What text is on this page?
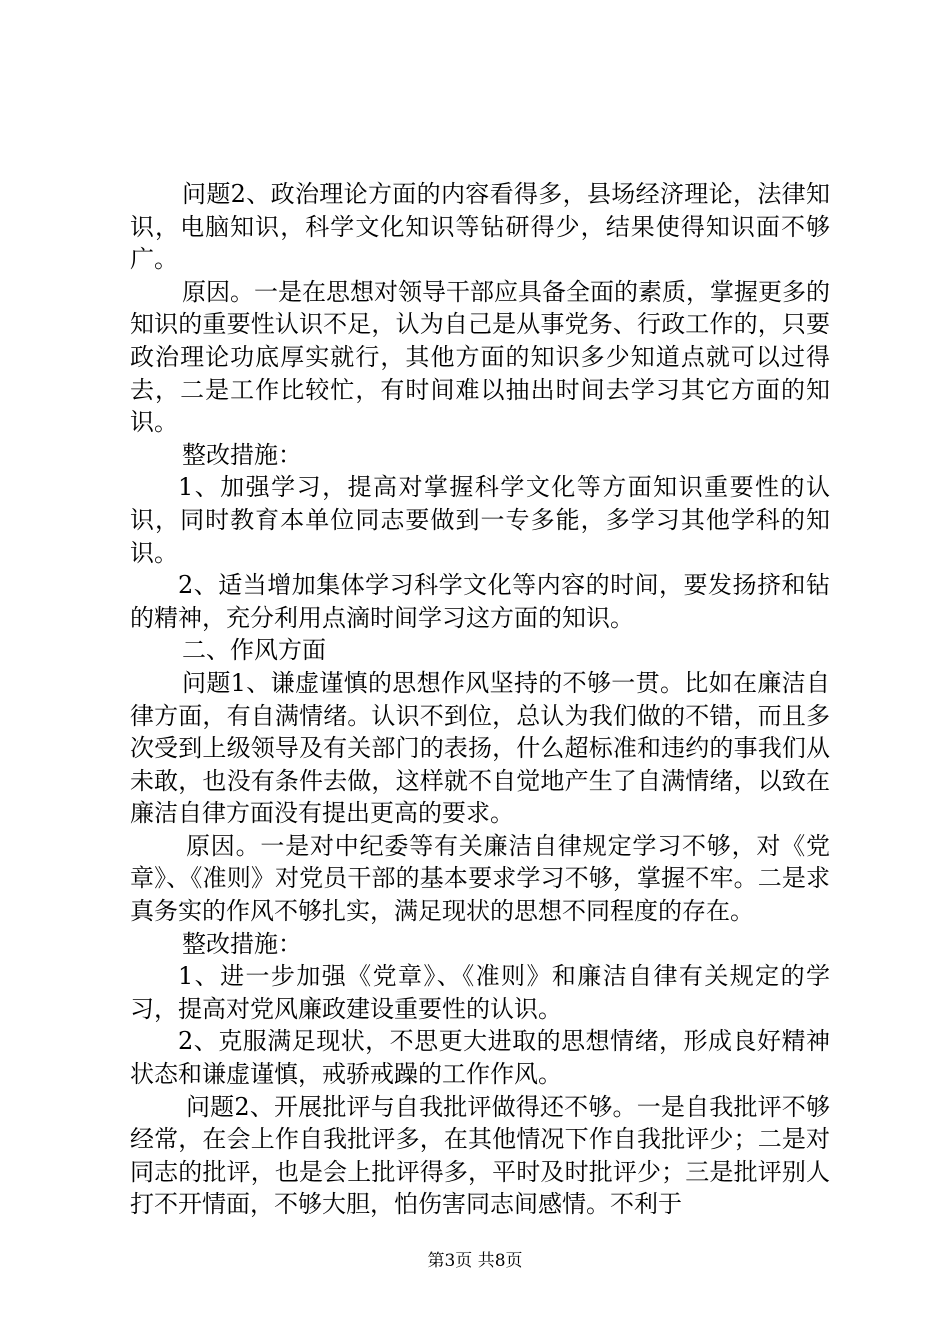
问题2、政治理论方面的内容看得多，县场经济理论，法律知识，电脑知识，科学文化知识等钻研得少，结果使得知识面不够广。

原因。一是在思想对领导干部应具备全面的素质，掌握更多的知识的重要性认识不足，认为自己是从事党务、行政工作的，只要政治理论功底厚实就行，其他方面的知识多少知道点就可以过得去，二是工作比较忙，有时间难以抽出时间去学习其它方面的知识。

整改措施：

1、加强学习，提高对掌握科学文化等方面知识重要性的认识，同时教育本单位同志要做到一专多能，多学习其他学科的知识。

2、适当增加集体学习科学文化等内容的时间，要发扬挤和钻的精神，充分利用点滴时间学习这方面的知识。

二、作风方面

问题1、谦虚谨慎的思想作风坚持的不够一贯。比如在廉洁自律方面，有自满情绪。认识不到位，总认为我们做的不错，而且多次受到上级领导及有关部门的表扬，什么超标准和违约的事我们从未敢，也没有条件去做，这样就不自觉地产生了自满情绪，以致在廉洁自律方面没有提出更高的要求。

原因。一是对中纪委等有关廉洁自律规定学习不够，对《党章》、《准则》对党员干部的基本要求学习不够，掌握不牢。二是求真务实的作风不够扎实，满足现状的思想不同程度的存在。

整改措施：

1、进一步加强《党章》、《准则》和廉洁自律有关规定的学习，提高对党风廉政建设重要性的认识。

2、克服满足现状，不思更大进取的思想情绪，形成良好精神状态和谦虚谨慎，戒骄戒躁的工作作风。

问题2、开展批评与自我批评做得还不够。一是自我批评不够经常，在会上作自我批评多，在其他情况下作自我批评少；二是对同志的批评，也是会上批评得多，平时及时批评少；三是批评别人打不开情面，不够大胆，怕伤害同志间感情。不利于

第3页 共8页
